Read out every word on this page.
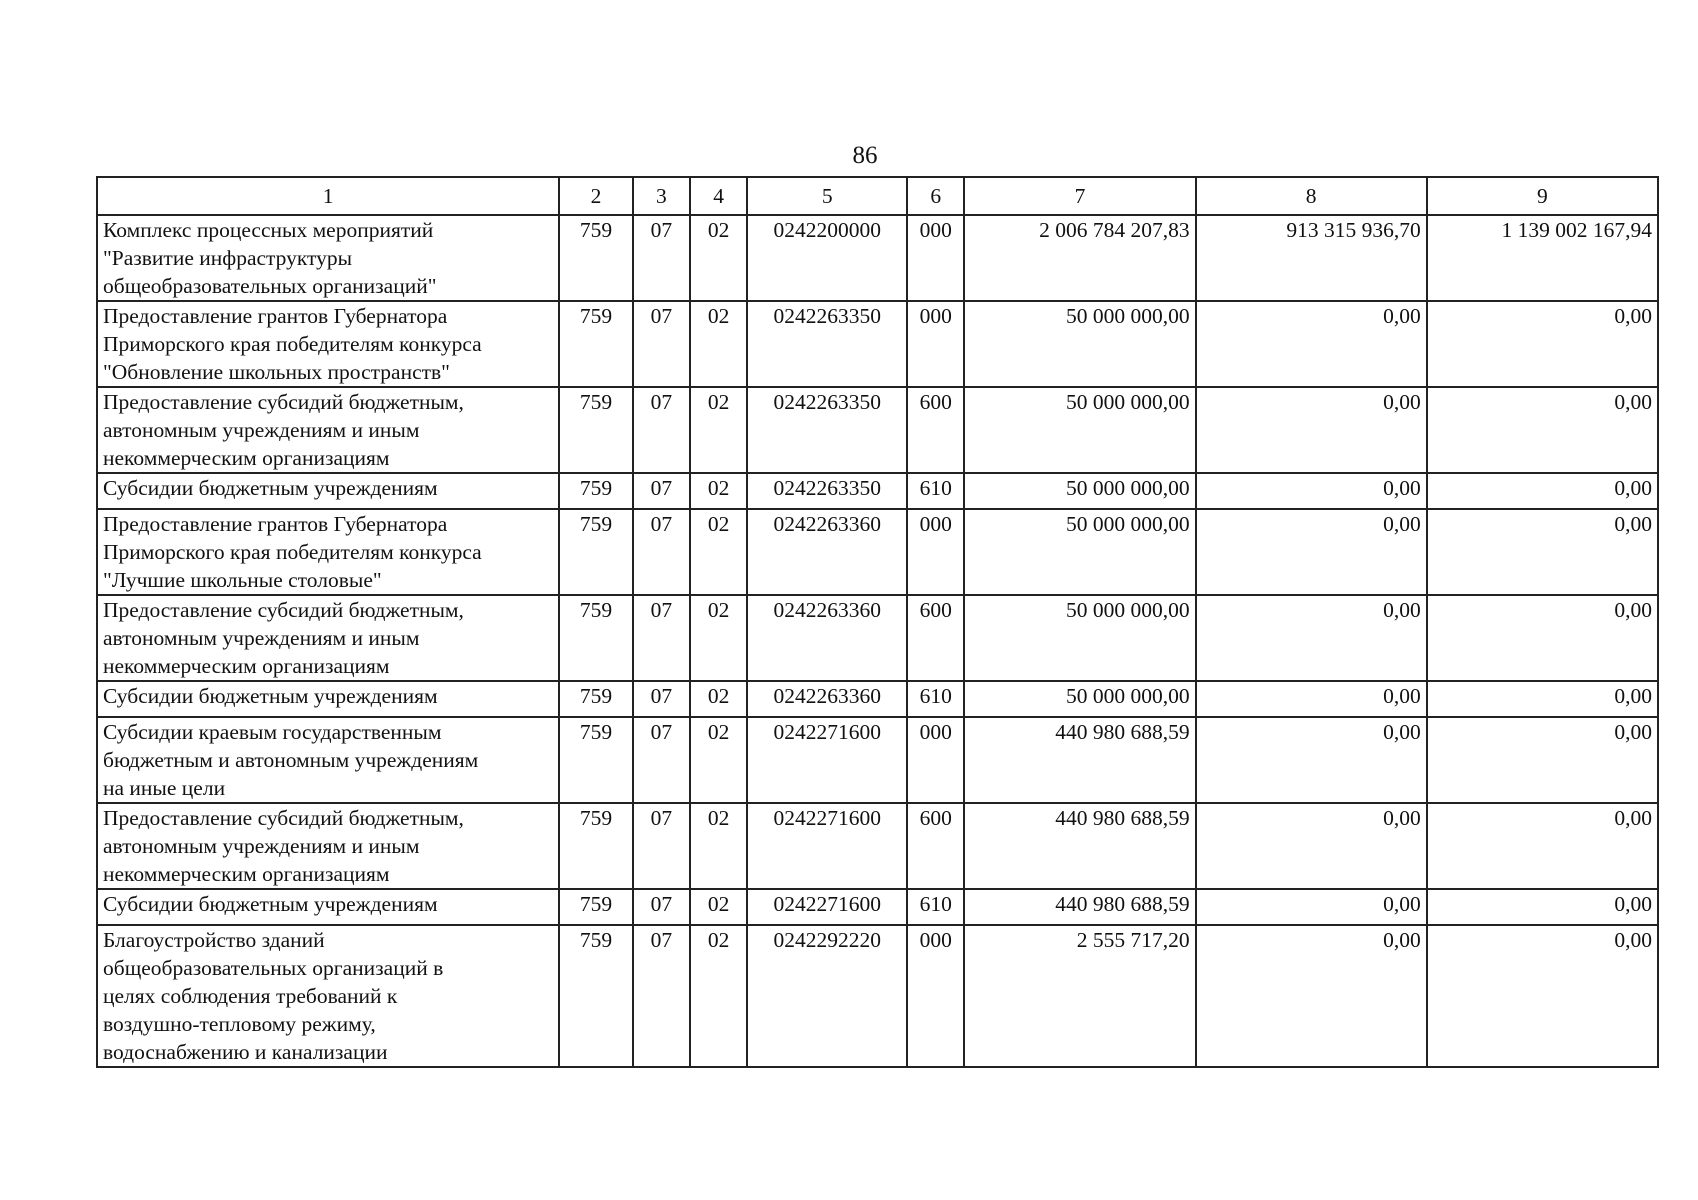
86
1	2	3	4	5	6	7	8	9

Комплекс процессных мероприятий
"Развитие инфраструктуры
общеобразовательных организаций"	759	07	02	0242200000	000	2 006 784 207,83	913 315 936,70	1 139 002 167,94

Предоставление грантов Губернатора
Приморского края победителям конкурса
"Обновление школьных пространств"	759	07	02	0242263350	000	50 000 000,00	0,00	0,00

Предоставление субсидий бюджетным,
автономным учреждениям и иным
некоммерческим организациям	759	07	02	0242263350	600	50 000 000,00	0,00	0,00

Субсидии бюджетным учреждениям	759	07	02	0242263350	610	50 000 000,00	0,00	0,00

Предоставление грантов Губернатора
Приморского края победителям конкурса
"Лучшие школьные столовые"	759	07	02	0242263360	000	50 000 000,00	0,00	0,00

Предоставление субсидий бюджетным,
автономным учреждениям и иным
некоммерческим организациям	759	07	02	0242263360	600	50 000 000,00	0,00	0,00

Субсидии бюджетным учреждениям	759	07	02	0242263360	610	50 000 000,00	0,00	0,00

Субсидии краевым государственным
бюджетным и автономным учреждениям
на иные цели	759	07	02	0242271600	000	440 980 688,59	0,00	0,00

Предоставление субсидий бюджетным,
автономным учреждениям и иным
некоммерческим организациям	759	07	02	0242271600	600	440 980 688,59	0,00	0,00

Субсидии бюджетным учреждениям	759	07	02	0242271600	610	440 980 688,59	0,00	0,00

Благоустройство зданий
общеобразовательных организаций в
целях соблюдения требований к
воздушно-тепловому режиму,
водоснабжению и канализации	759	07	02	0242292220	000	2 555 717,20	0,00	0,00
